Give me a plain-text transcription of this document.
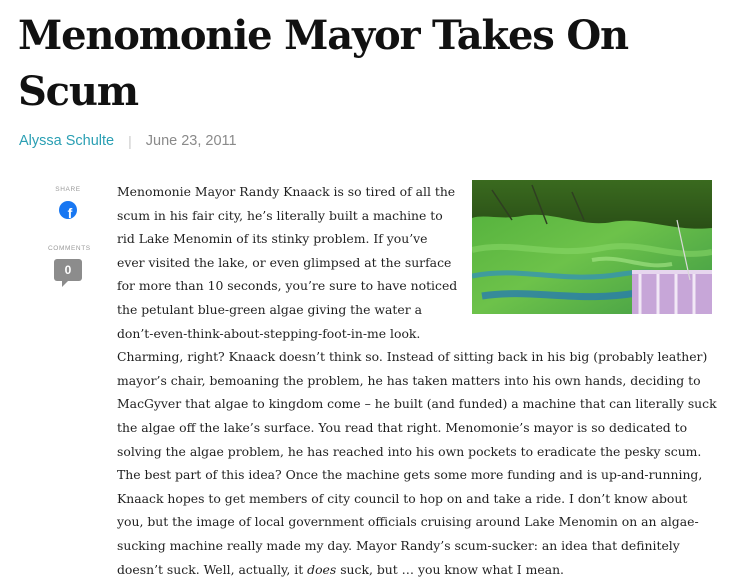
Menomonie Mayor Takes On Scum
Alyssa Schulte | June 23, 2011
SHARE
f
COMMENTS
0

Menomonie Mayor Randy Knaack is so tired of all the scum in his fair city, he’s literally built a machine to rid Lake Menomin of its stinky problem. If you’ve ever visited the lake, or even glimpsed at the surface for more than 10 seconds, you’re sure to have noticed the petulant blue-green algae giving the water a don’t-even-think-about-stepping-foot-in-me look. Charming, right? Knaack doesn’t think so. Instead of sitting back in his big (probably leather) mayor’s chair, bemoaning the problem, he has taken matters into his own hands, deciding to MacGyver that algae to kingdom come – he built (and funded) a machine that can literally suck the algae off the lake’s surface. You read that right. Menomonie’s mayor is so dedicated to solving the algae problem, he has reached into his own pockets to eradicate the pesky scum. The best part of this idea? Once the machine gets some more funding and is up-and-running, Knaack hopes to get members of city council to hop on and take a ride. I don’t know about you, but the image of local government officials cruising around Lake Menomin on an algae-sucking machine really made my day. Mayor Randy’s scum-sucker: an idea that definitely doesn’t suck. Well, actually, it does suck, but … you know what I mean.
